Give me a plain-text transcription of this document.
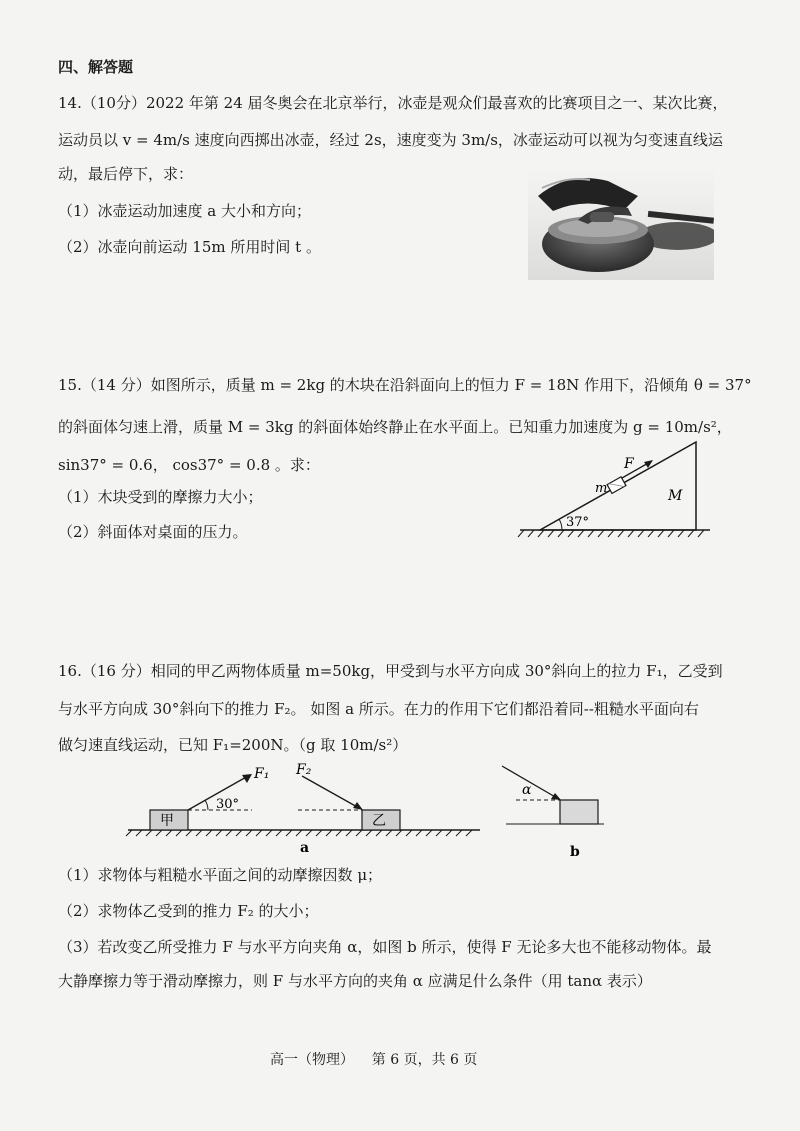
四、解答题
14.（10分）2022 年第 24 届冬奥会在北京举行，冰壶是观众们最喜欢的比赛项目之一、某次比赛，
运动员以 v = 4m/s 速度向西掷出冰壶，经过 2s，速度变为 3m/s，冰壶运动可以视为匀变速直线运
动，最后停下，求：
（1）冰壶运动加速度 a 大小和方向；
（2）冰壶向前运动 15m 所用时间 t 。
15.（14 分）如图所示，质量 m = 2kg 的木块在沿斜面向上的恒力 F = 18N 作用下，沿倾角 θ = 37°
的斜面体匀速上滑，质量 M = 3kg 的斜面体始终静止在水平面上。已知重力加速度为 g = 10m/s²，
sin37° = 0.6， cos37° = 0.8 。求：
（1）木块受到的摩擦力大小；
（2）斜面体对桌面的压力。
37°
m
F
M
16.（16 分）相同的甲乙两物体质量 m=50kg，甲受到与水平方向成 30°斜向上的拉力 F₁，乙受到
与水平方向成 30°斜向下的推力 F₂。 如图 a 所示。在力的作用下它们都沿着同--粗糙水平面向右
做匀速直线运动，已知 F₁=200N。（g 取 10m/s²）
甲
30°
F₁
乙
F₂
a
α
b
（1）求物体与粗糙水平面之间的动摩擦因数 μ；
（2）求物体乙受到的推力 F₂ 的大小；
（3）若改变乙所受推力 F 与水平方向夹角 α，如图 b 所示，使得 F 无论多大也不能移动物体。最
大静摩擦力等于滑动摩擦力，则 F 与水平方向的夹角 α 应满足什么条件（用 tanα 表示）
高一（物理）    第 6 页，共 6 页
